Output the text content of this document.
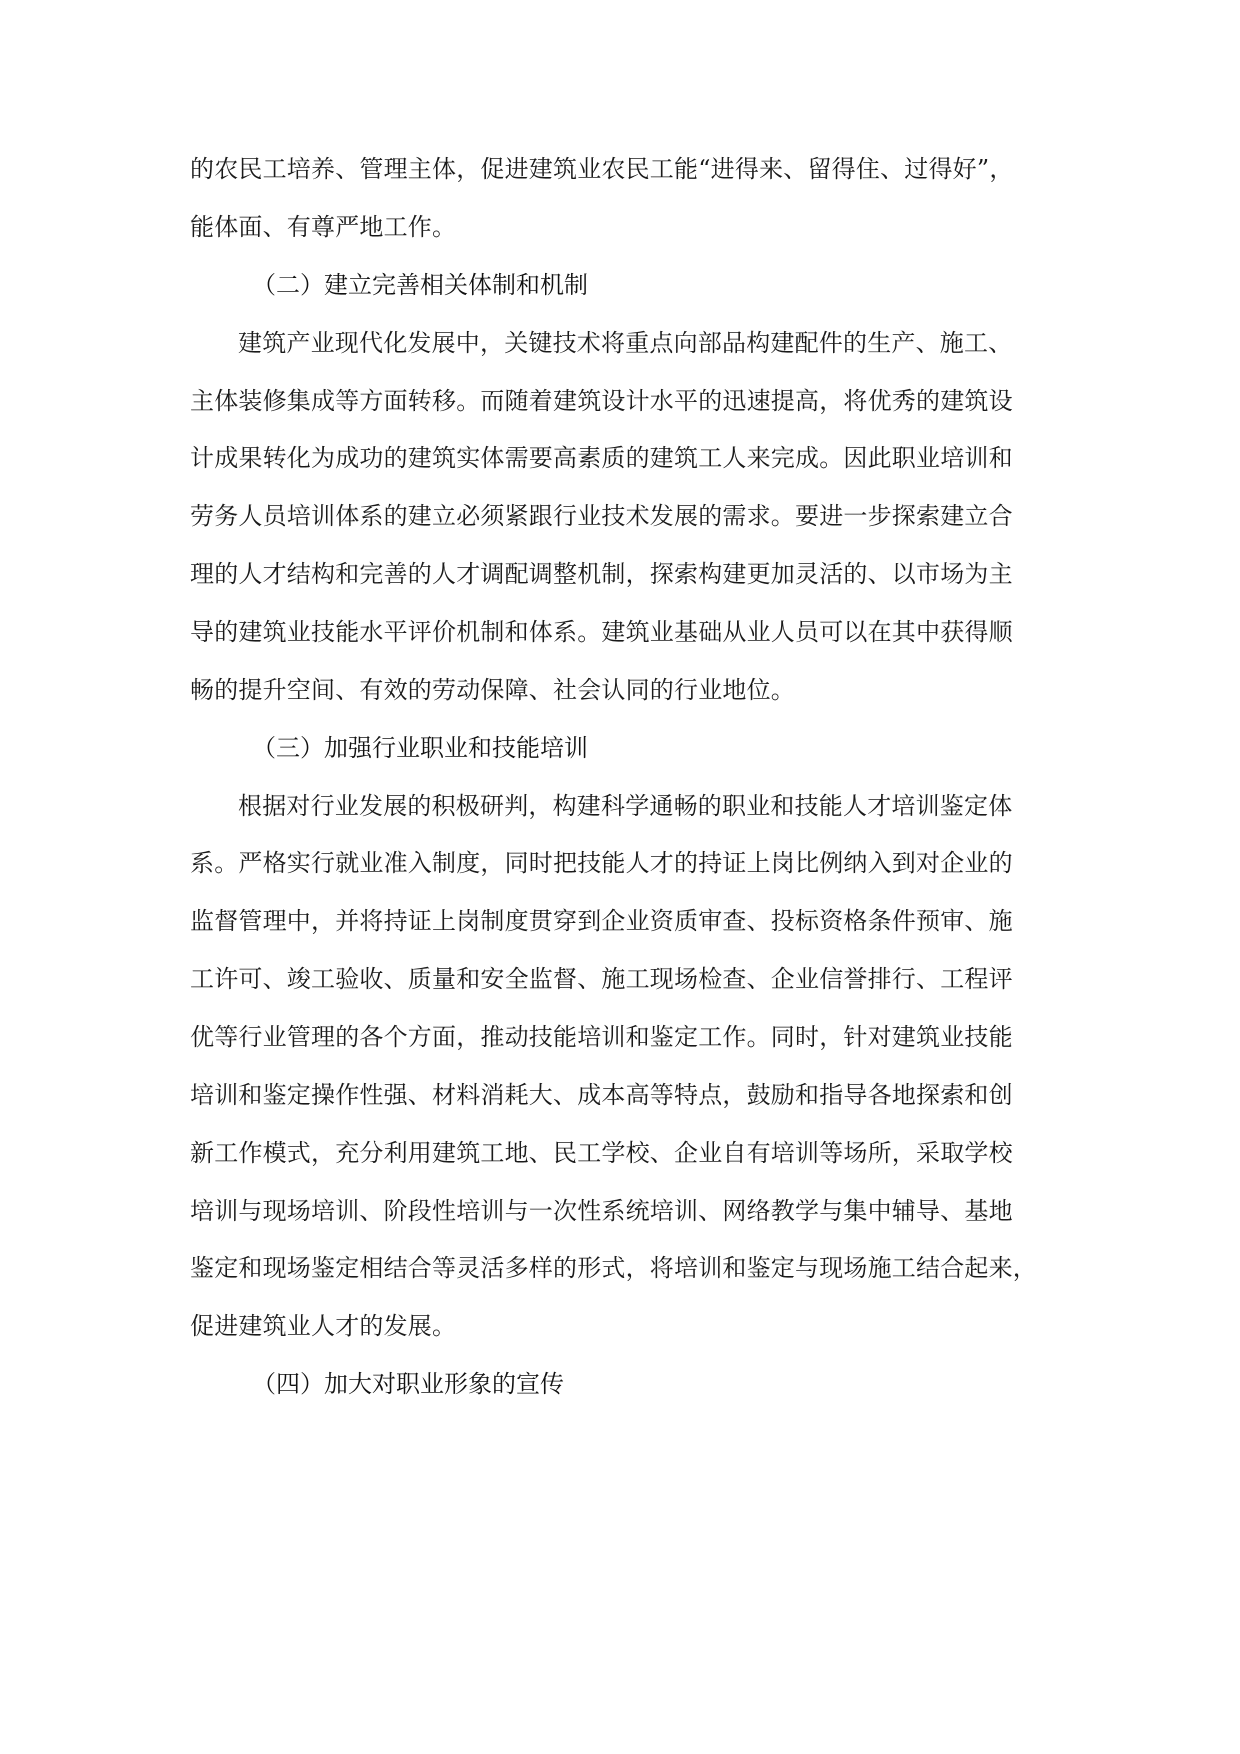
的农民工培养、管理主体，促进建筑业农民工能“进得来、留得住、过得好”，
能体面、有尊严地工作。
（二）建立完善相关体制和机制
建筑产业现代化发展中，关键技术将重点向部品构建配件的生产、施工、
主体装修集成等方面转移。而随着建筑设计水平的迅速提高，将优秀的建筑设
计成果转化为成功的建筑实体需要高素质的建筑工人来完成。因此职业培训和
劳务人员培训体系的建立必须紧跟行业技术发展的需求。要进一步探索建立合
理的人才结构和完善的人才调配调整机制，探索构建更加灵活的、以市场为主
导的建筑业技能水平评价机制和体系。建筑业基础从业人员可以在其中获得顺
畅的提升空间、有效的劳动保障、社会认同的行业地位。
（三）加强行业职业和技能培训
根据对行业发展的积极研判，构建科学通畅的职业和技能人才培训鉴定体
系。严格实行就业准入制度，同时把技能人才的持证上岗比例纳入到对企业的
监督管理中，并将持证上岗制度贯穿到企业资质审查、投标资格条件预审、施
工许可、竣工验收、质量和安全监督、施工现场检查、企业信誉排行、工程评
优等行业管理的各个方面，推动技能培训和鉴定工作。同时，针对建筑业技能
培训和鉴定操作性强、材料消耗大、成本高等特点，鼓励和指导各地探索和创
新工作模式，充分利用建筑工地、民工学校、企业自有培训等场所，采取学校
培训与现场培训、阶段性培训与一次性系统培训、网络教学与集中辅导、基地
鉴定和现场鉴定相结合等灵活多样的形式，将培训和鉴定与现场施工结合起来，
促进建筑业人才的发展。
（四）加大对职业形象的宣传
